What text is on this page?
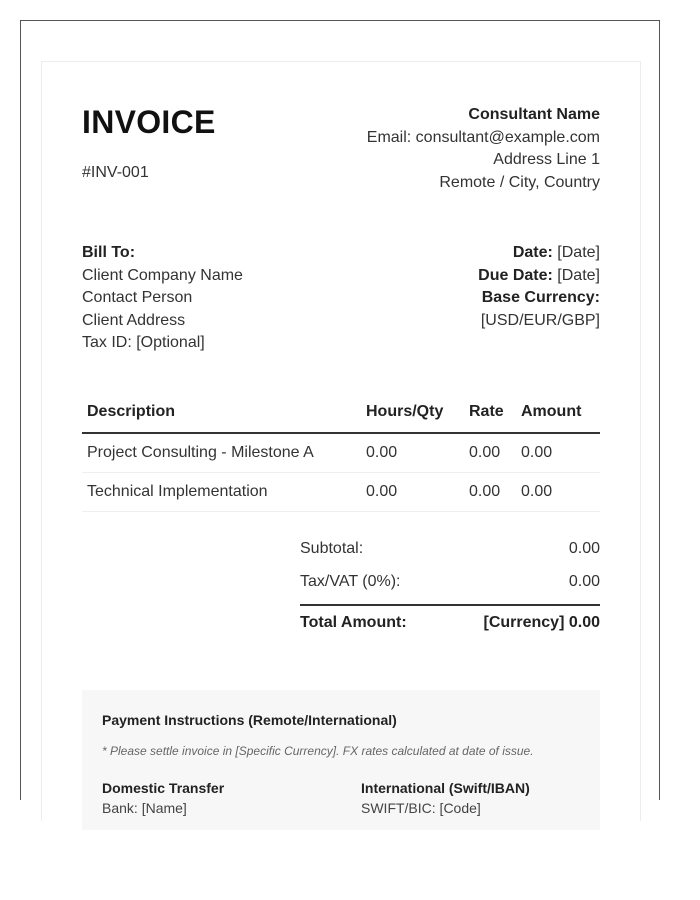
INVOICE
#INV-001
Consultant Name
Email: consultant@example.com
Address Line 1
Remote / City, Country
Bill To:
Client Company Name
Contact Person
Client Address
Tax ID: [Optional]
Date: [Date]
Due Date: [Date]
Base Currency:
[USD/EUR/GBP]
Description	Hours/Qty	Rate	Amount
Project Consulting - Milestone A	0.00	0.00	0.00
Technical Implementation	0.00	0.00	0.00
Subtotal:	0.00
Tax/VAT (0%):	0.00
Total Amount:	[Currency] 0.00
Payment Instructions (Remote/International)
* Please settle invoice in [Specific Currency]. FX rates calculated at date of issue.
Domestic Transfer
Bank: [Name]
International (Swift/IBAN)
SWIFT/BIC: [Code]
